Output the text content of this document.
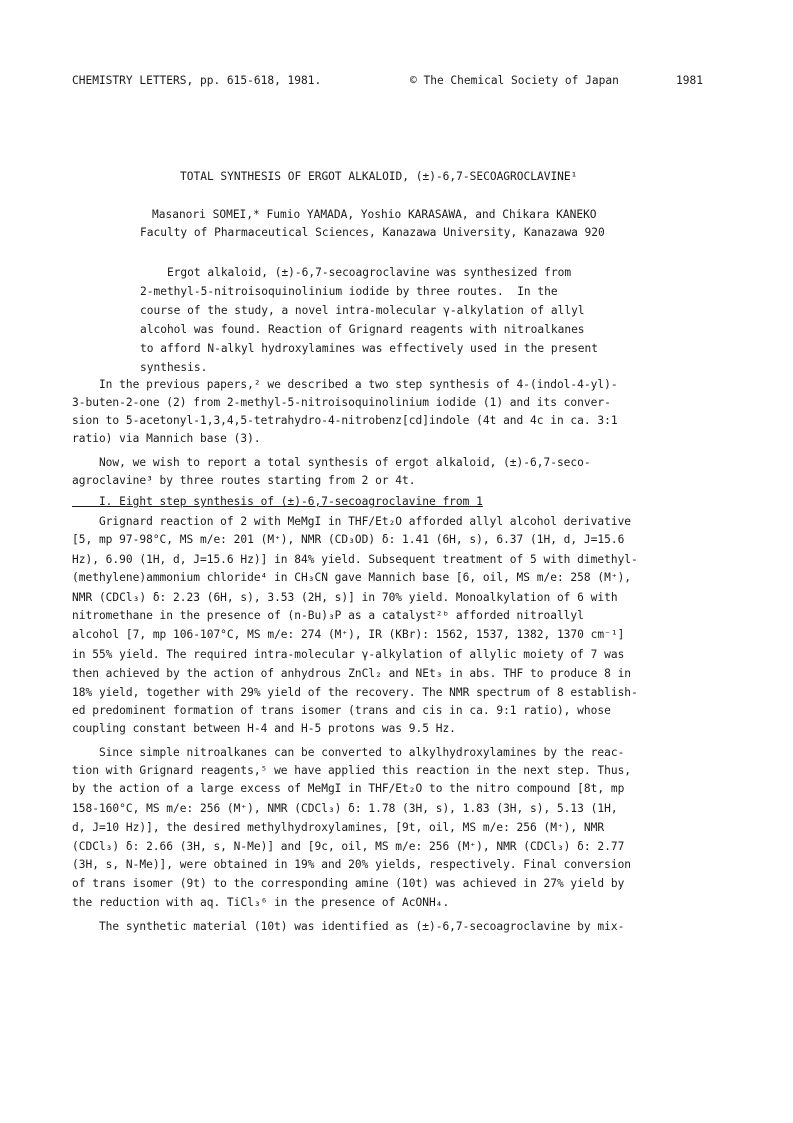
CHEMISTRY LETTERS, pp. 615-618, 1981.	© The Chemical Society of Japan	1981
TOTAL SYNTHESIS OF ERGOT ALKALOID, (±)-6,7-SECOAGROCLAVINE¹
Masanori SOMEI,* Fumio YAMADA, Yoshio KARASAWA, and Chikara KANEKO
Faculty of Pharmaceutical Sciences, Kanazawa University, Kanazawa 920
Ergot alkaloid, (±)-6,7-secoagroclavine was synthesized from
2-methyl-5-nitroisoquinolinium iodide by three routes.  In the
course of the study, a novel intra-molecular γ-alkylation of allyl
alcohol was found. Reaction of Grignard reagents with nitroalkanes
to afford N-alkyl hydroxylamines was effectively used in the present
synthesis.
In the previous papers,² we described a two step synthesis of 4-(indol-4-yl)-
3-buten-2-one (2) from 2-methyl-5-nitroisoquinolinium iodide (1) and its conver-
sion to 5-acetonyl-1,3,4,5-tetrahydro-4-nitrobenz[cd]indole (4t and 4c in ca. 3:1
ratio) via Mannich base (3).
Now, we wish to report a total synthesis of ergot alkaloid, (±)-6,7-seco-
agroclavine³ by three routes starting from 2 or 4t.
I. Eight step synthesis of (±)-6,7-secoagroclavine from 1
Grignard reaction of 2 with MeMgI in THF/Et₂O afforded allyl alcohol derivative
[5, mp 97-98°C, MS m/e: 201 (M⁺), NMR (CD₃OD) δ: 1.41 (6H, s), 6.37 (1H, d, J=15.6
Hz), 6.90 (1H, d, J=15.6 Hz)] in 84% yield. Subsequent treatment of 5 with dimethyl-
(methylene)ammonium chloride⁴ in CH₃CN gave Mannich base [6, oil, MS m/e: 258 (M⁺),
NMR (CDCl₃) δ: 2.23 (6H, s), 3.53 (2H, s)] in 70% yield. Monoalkylation of 6 with
nitromethane in the presence of (n-Bu)₃P as a catalyst²ᵇ afforded nitroallyl
alcohol [7, mp 106-107°C, MS m/e: 274 (M⁺), IR (KBr): 1562, 1537, 1382, 1370 cm⁻¹]
in 55% yield. The required intra-molecular γ-alkylation of allylic moiety of 7 was
then achieved by the action of anhydrous ZnCl₂ and NEt₃ in abs. THF to produce 8 in
18% yield, together with 29% yield of the recovery. The NMR spectrum of 8 establish-
ed predominent formation of trans isomer (trans and cis in ca. 9:1 ratio), whose
coupling constant between H-4 and H-5 protons was 9.5 Hz.
Since simple nitroalkanes can be converted to alkylhydroxylamines by the reac-
tion with Grignard reagents,⁵ we have applied this reaction in the next step. Thus,
by the action of a large excess of MeMgI in THF/Et₂O to the nitro compound [8t, mp
158-160°C, MS m/e: 256 (M⁺), NMR (CDCl₃) δ: 1.78 (3H, s), 1.83 (3H, s), 5.13 (1H,
d, J=10 Hz)], the desired methylhydroxylamines, [9t, oil, MS m/e: 256 (M⁺), NMR
(CDCl₃) δ: 2.66 (3H, s, N-Me)] and [9c, oil, MS m/e: 256 (M⁺), NMR (CDCl₃) δ: 2.77
(3H, s, N-Me)], were obtained in 19% and 20% yields, respectively. Final conversion
of trans isomer (9t) to the corresponding amine (10t) was achieved in 27% yield by
the reduction with aq. TiCl₃⁶ in the presence of AcONH₄.
The synthetic material (10t) was identified as (±)-6,7-secoagroclavine by mix-
